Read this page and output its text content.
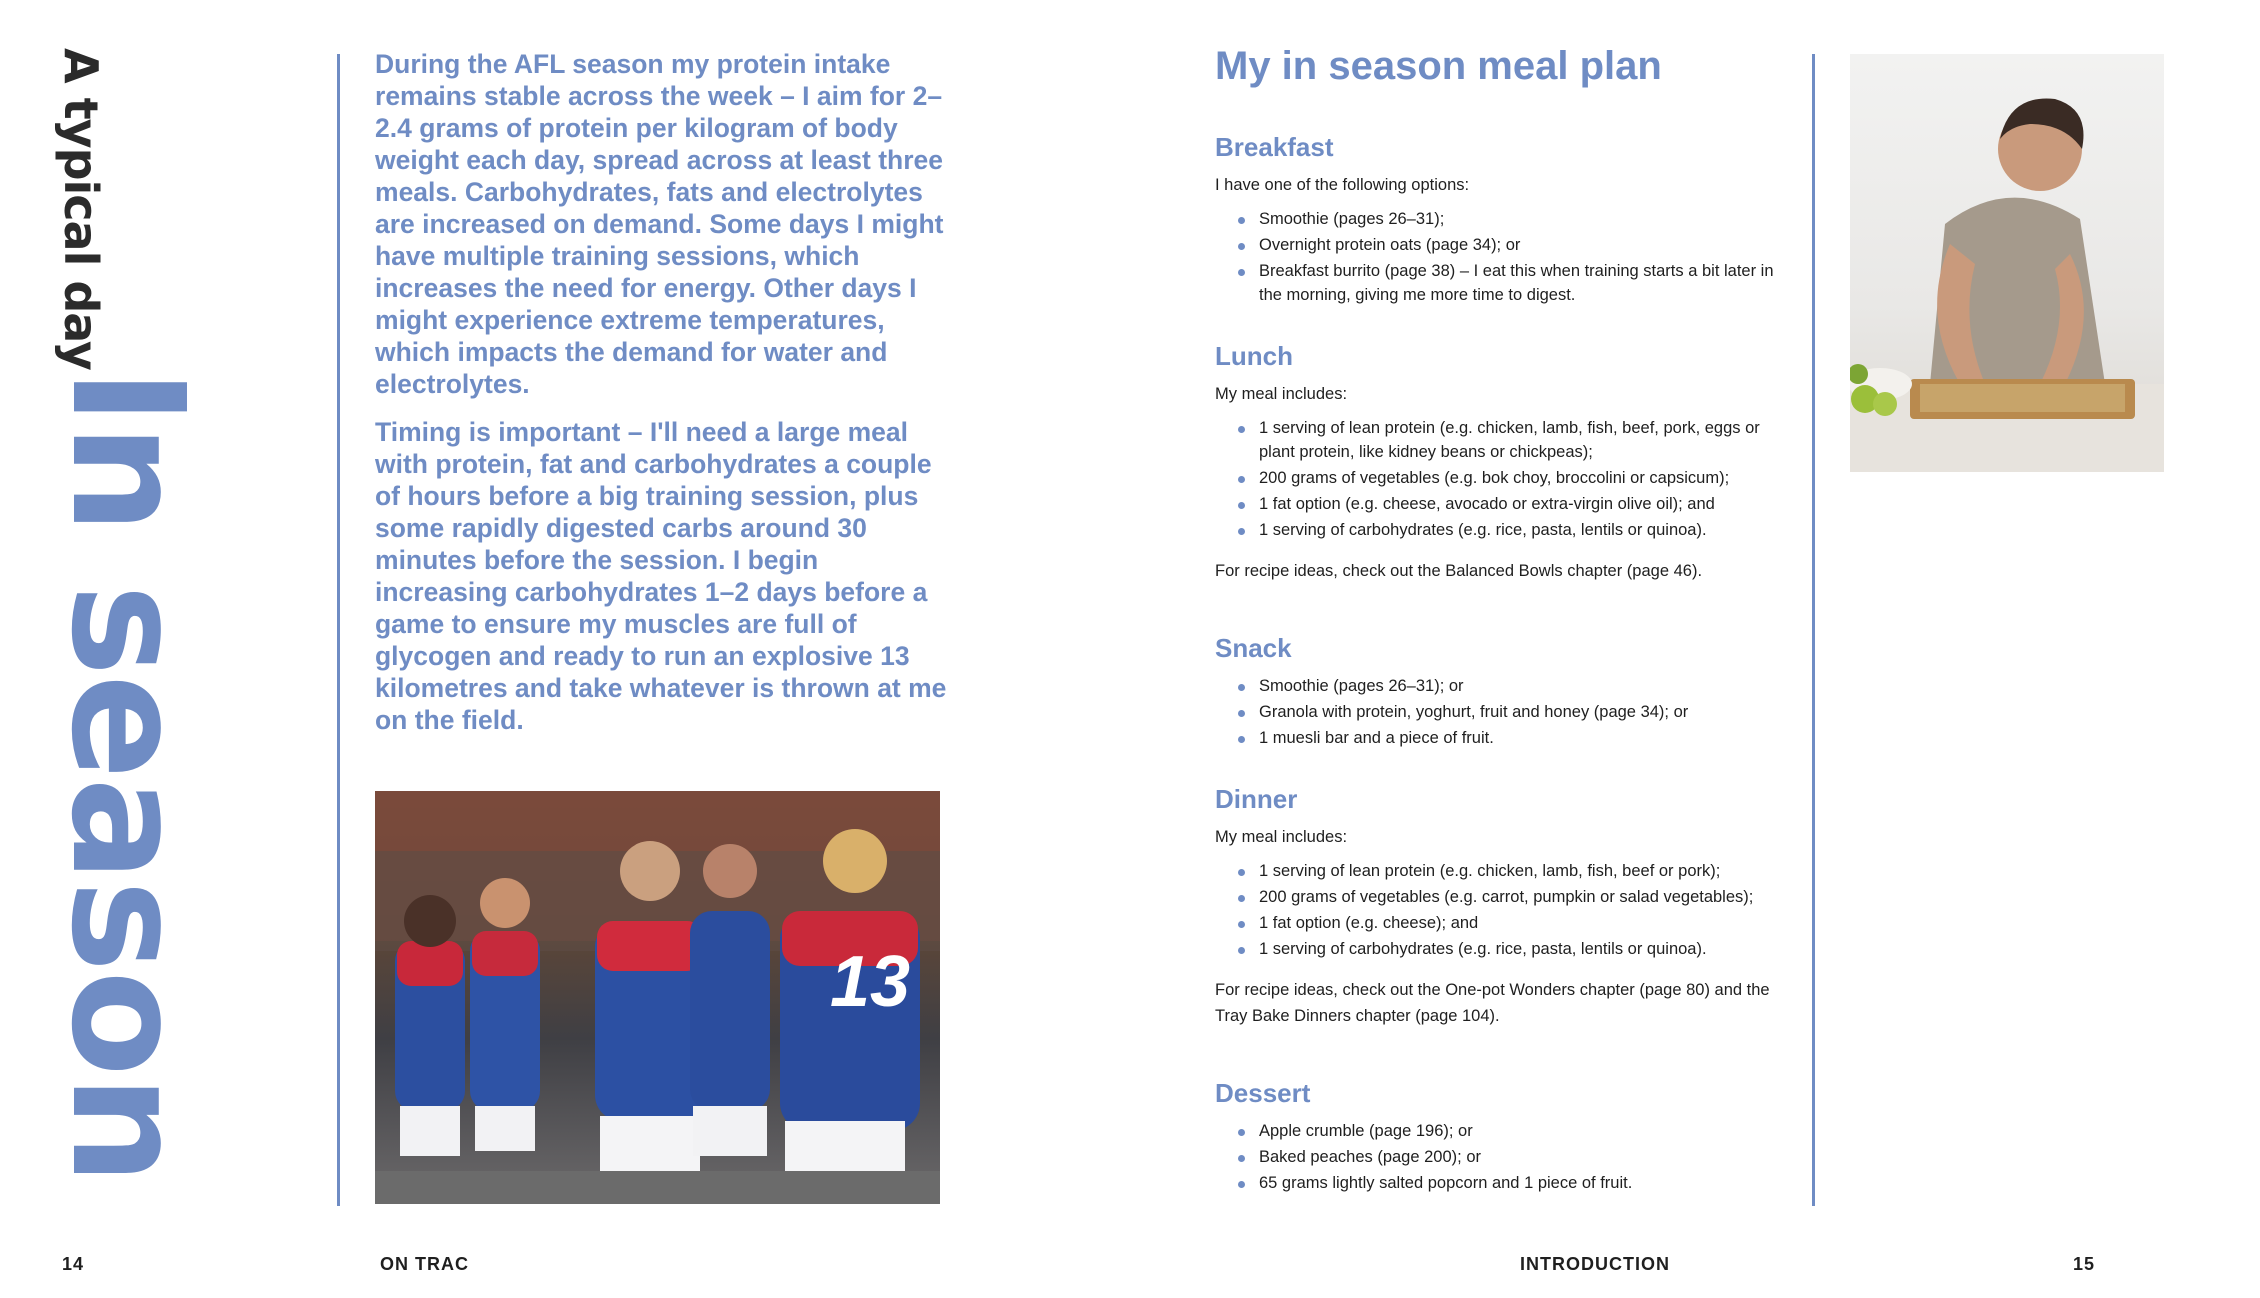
A typical day
In season

During the AFL season my protein intake remains stable across the week – I aim for 2–2.4 grams of protein per kilogram of body weight each day, spread across at least three meals. Carbohydrates, fats and electrolytes are increased on demand. Some days I might have multiple training sessions, which increases the need for energy. Other days I might experience extreme temperatures, which impacts the demand for water and electrolytes.

Timing is important – I'll need a large meal with protein, fat and carbohydrates a couple of hours before a big training session, plus some rapidly digested carbs around 30 minutes before the session. I begin increasing carbohydrates 1–2 days before a game to ensure my muscles are full of glycogen and ready to run an explosive 13 kilometres and take whatever is thrown at me on the field.

13
14	ON TRAC
My in season meal plan
Breakfast

I have one of the following options:

Smoothie (pages 26–31);
Overnight protein oats (page 34); or
Breakfast burrito (page 38) – I eat this when training starts a bit later in the morning, giving me more time to digest.
Lunch

My meal includes:

1 serving of lean protein (e.g. chicken, lamb, fish, beef, pork, eggs or plant protein, like kidney beans or chickpeas);
200 grams of vegetables (e.g. bok choy, broccolini or capsicum);
1 fat option (e.g. cheese, avocado or extra-virgin olive oil); and
1 serving of carbohydrates (e.g. rice, pasta, lentils or quinoa).

For recipe ideas, check out the Balanced Bowls chapter (page 46).

Snack
Smoothie (pages 26–31); or
Granola with protein, yoghurt, fruit and honey (page 34); or
1 muesli bar and a piece of fruit.
Dinner

My meal includes:

1 serving of lean protein (e.g. chicken, lamb, fish, beef or pork);
200 grams of vegetables (e.g. carrot, pumpkin or salad vegetables);
1 fat option (e.g. cheese); and
1 serving of carbohydrates (e.g. rice, pasta, lentils or quinoa).

For recipe ideas, check out the One-pot Wonders chapter (page 80) and the Tray Bake Dinners chapter (page 104).

Dessert
Apple crumble (page 196); or
Baked peaches (page 200); or
65 grams lightly salted popcorn and 1 piece of fruit.
INTRODUCTION	15
